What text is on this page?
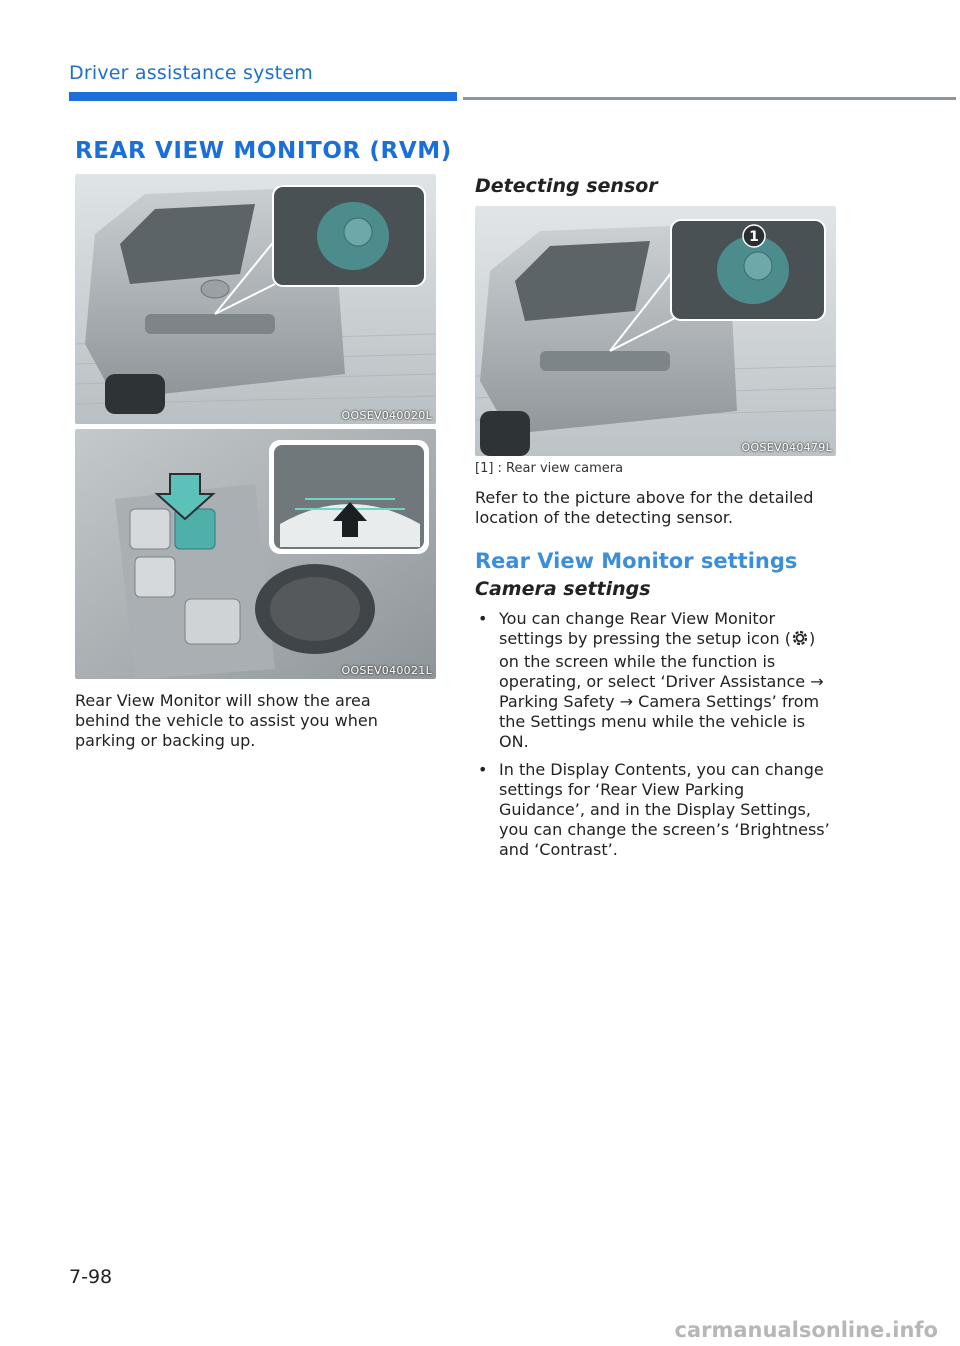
Driver assistance system
REAR VIEW MONITOR (RVM)
OOSEV040020L
OOSEV040021L
Rear View Monitor will show the area behind the vehicle to assist you when parking or backing up.
Detecting sensor
1
OOSEV040479L
[1] : Rear view camera
Refer to the picture above for the detailed location of the detecting sensor.
Rear View Monitor settings
Camera settings
• You can change Rear View Monitor settings by pressing the setup icon ( ) on the screen while the function is operating, or select ‘Driver Assistance → Parking Safety → Camera Settings’ from the Settings menu while the vehicle is ON.
• In the Display Contents, you can change settings for ‘Rear View Parking Guidance’, and in the Display Settings, you can change the screen’s ‘Brightness’ and ‘Contrast’.
7-98
carmanualsonline.info
